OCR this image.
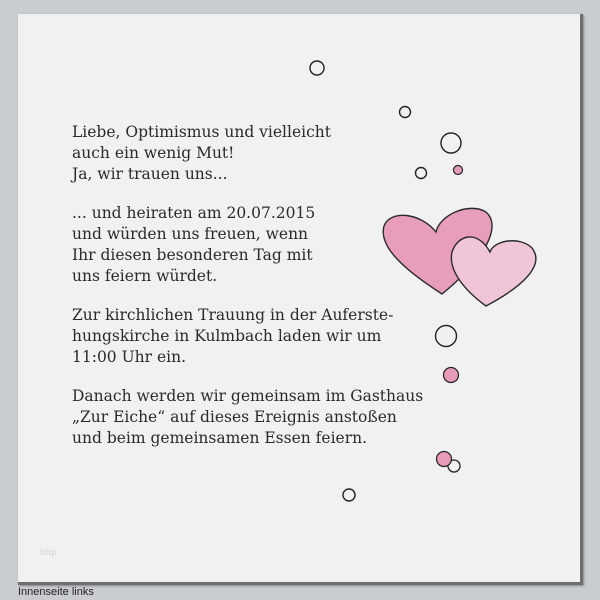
Liebe, Optimismus und vielleicht
auch ein wenig Mut!
Ja, wir trauen uns...

... und heiraten am 20.07.2015
und würden uns freuen, wenn
Ihr diesen besonderen Tag mit
uns feiern würdet.

Zur kirchlichen Trauung in der Auferste-
hungskirche in Kulmbach laden wir um
11:00 Uhr ein.

Danach werden wir gemeinsam im Gasthaus
„Zur Eiche“ auf dieses Ereignis anstoßen
und beim gemeinsamen Essen feiern.

http
Innenseite links
